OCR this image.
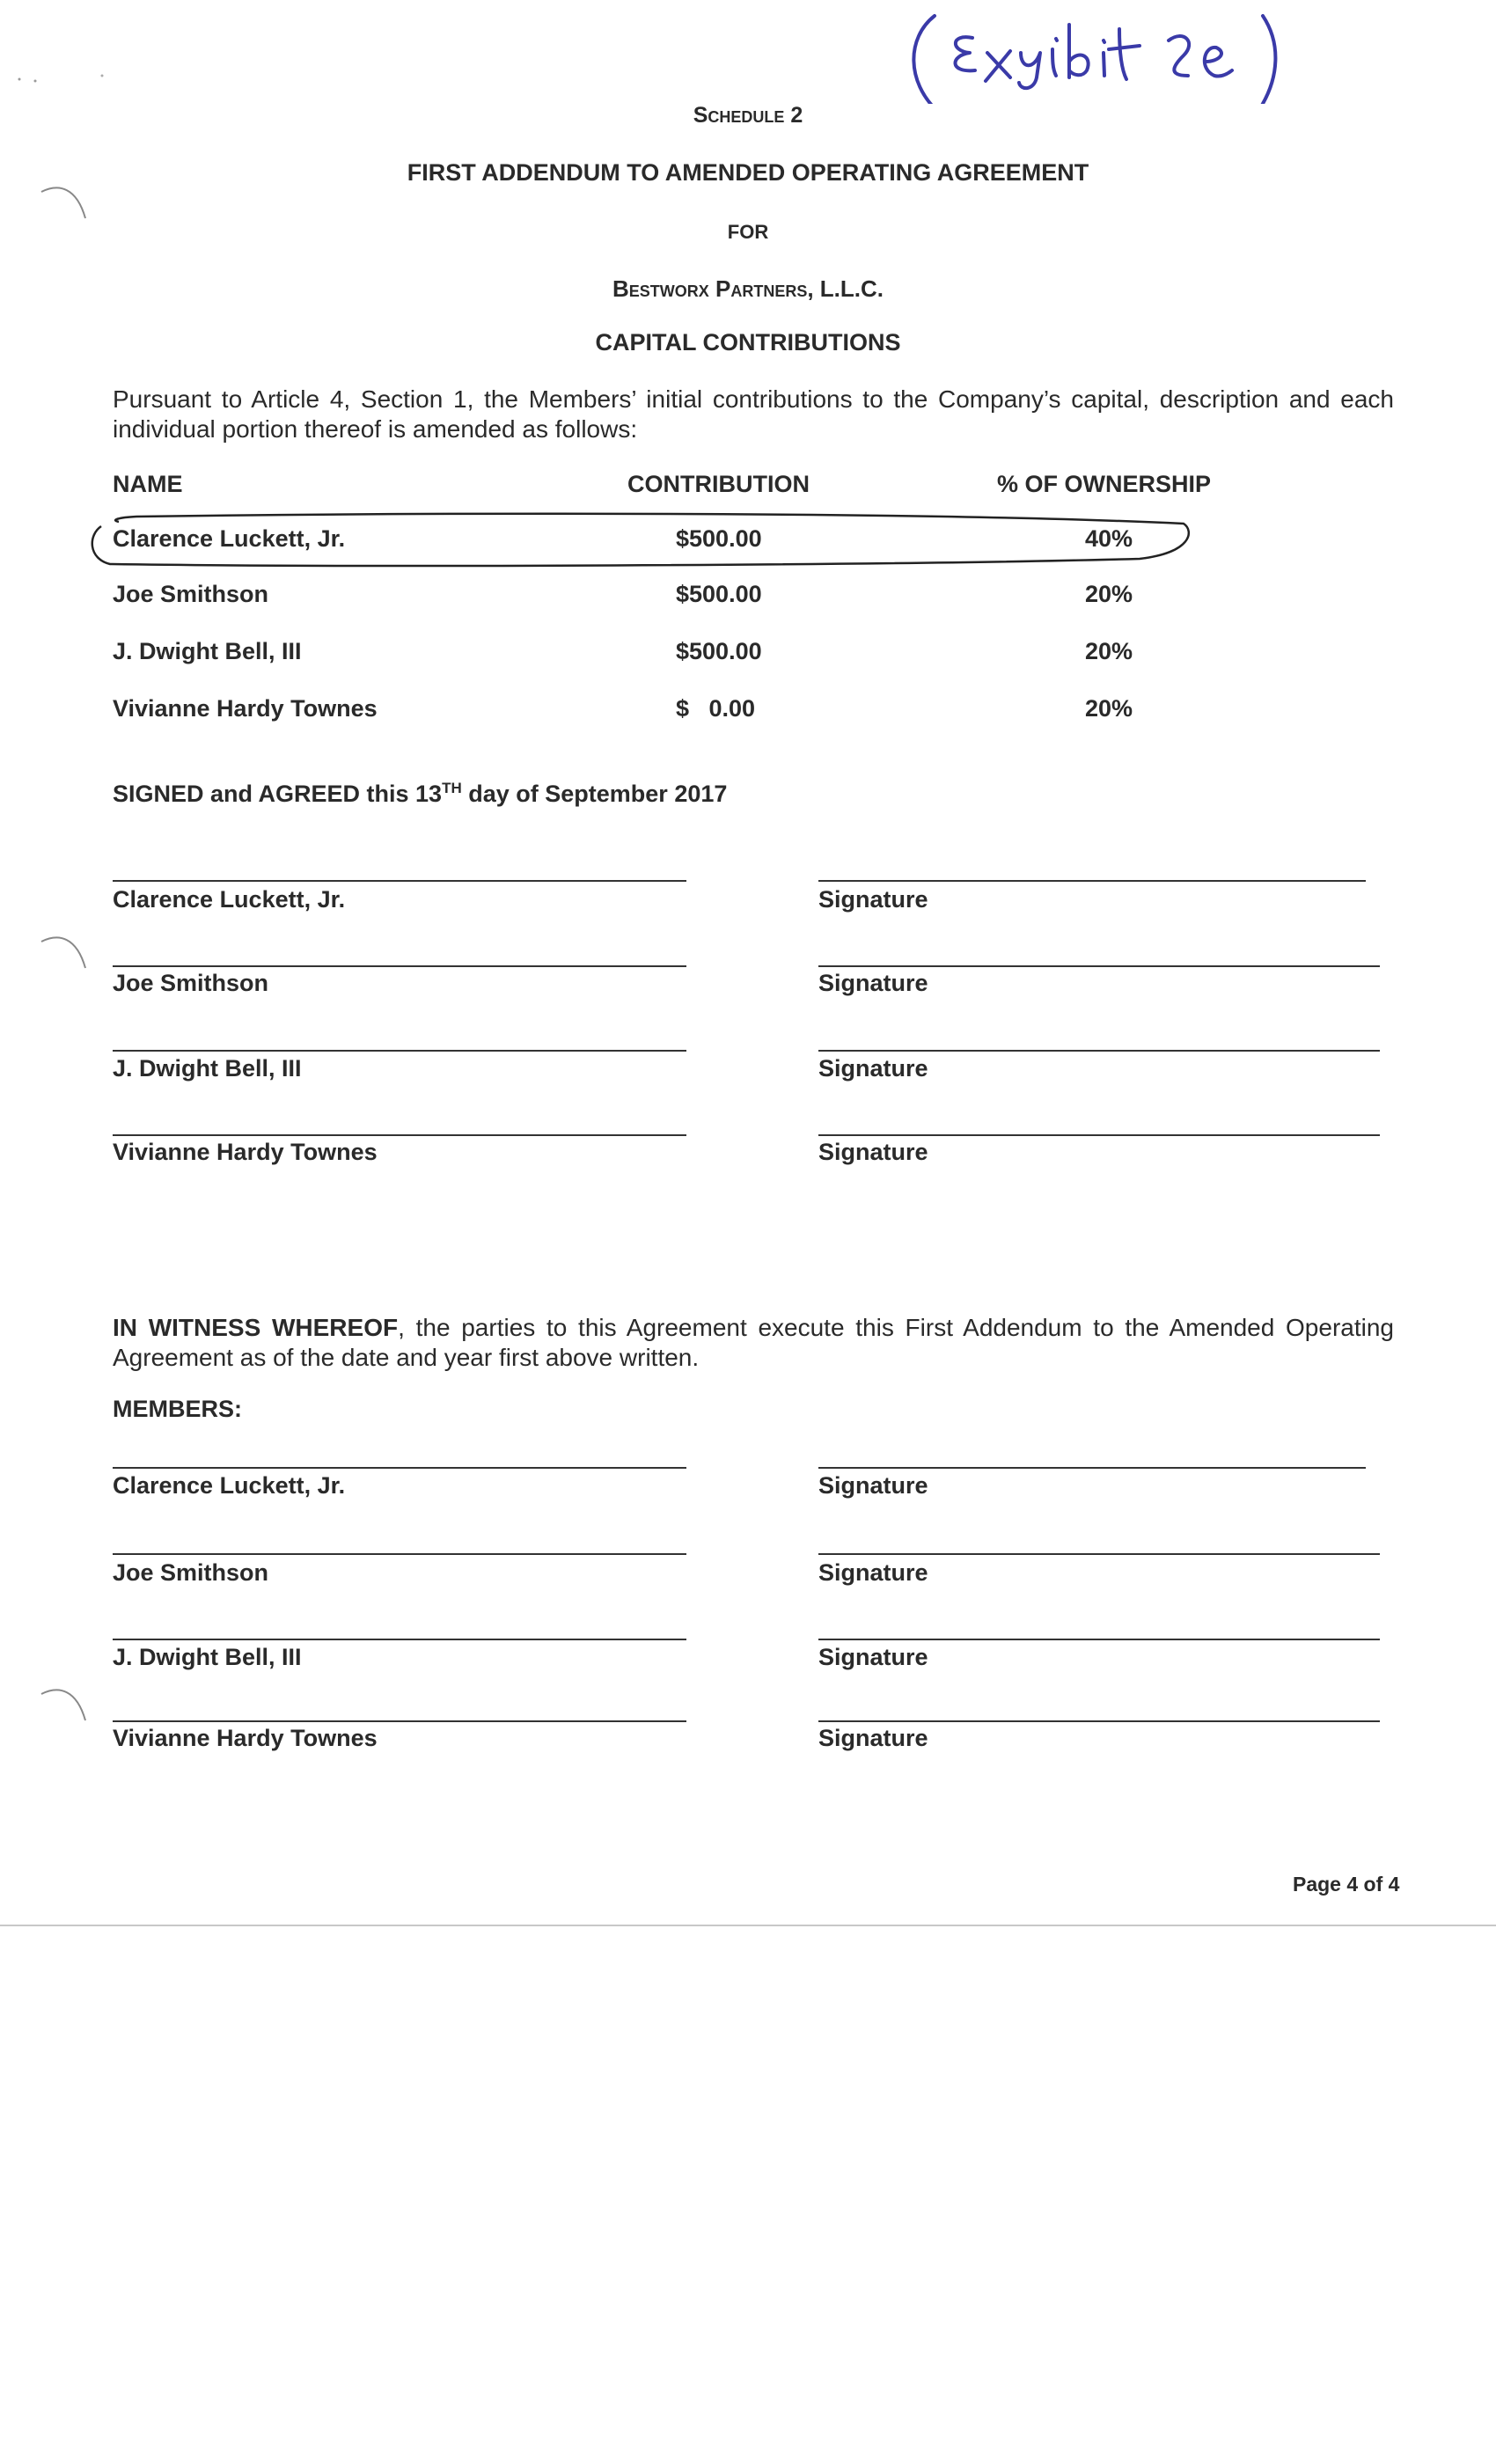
Schedule 2
FIRST ADDENDUM TO AMENDED OPERATING AGREEMENT
FOR
Bestworx Partners, L.L.C.
CAPITAL CONTRIBUTIONS
Pursuant to Article 4, Section 1, the Members’ initial contributions to the Company’s capital, description and each individual portion thereof is amended as follows:
NAME	CONTRIBUTION	% OF OWNERSHIP
Clarence Luckett, Jr.	$500.00	40%
Joe Smithson	$500.00	20%
J. Dwight Bell, III	$500.00	20%
Vivianne Hardy Townes	$   0.00	20%
SIGNED and AGREED this 13TH day of September 2017
Clarence Luckett, Jr.	Signature
Joe Smithson	Signature
J. Dwight Bell, III	Signature
Vivianne Hardy Townes	Signature
IN WITNESS WHEREOF, the parties to this Agreement execute this First Addendum to the Amended Operating Agreement as of the date and year first above written.
MEMBERS:
Clarence Luckett, Jr.	Signature
Joe Smithson	Signature
J. Dwight Bell, III	Signature
Vivianne Hardy Townes	Signature
Page 4 of 4
